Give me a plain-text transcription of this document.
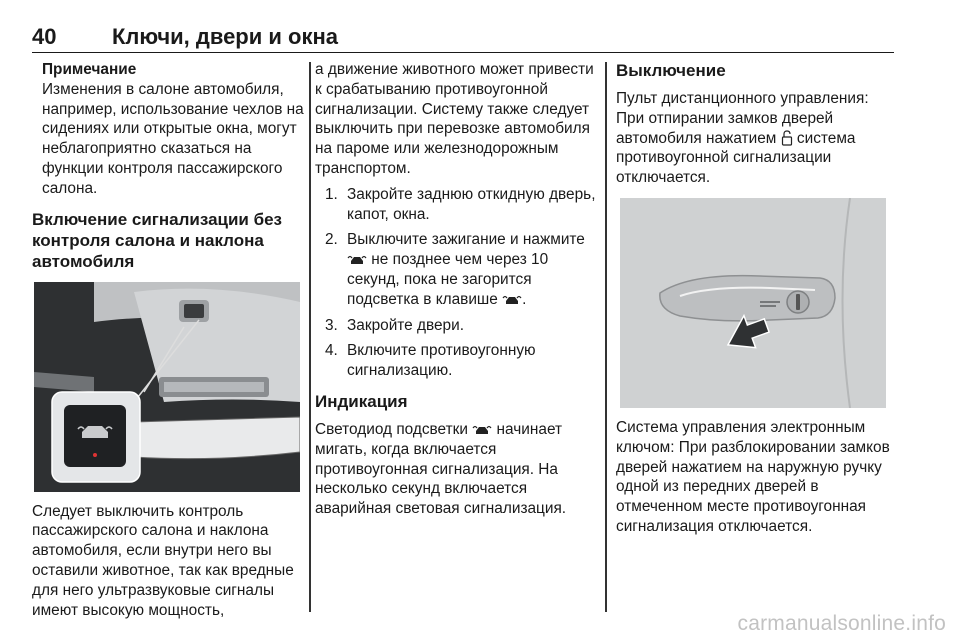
40	Ключи, двери и окна
Примечание

Изменения в салоне автомобиля, например, использование чехлов на сидениях или открытые окна, могут неблагоприятно сказаться на функции контроля пассажирского салона.

Включение сигнализации без контроля салона и наклона автомобиля

Следует выключить контроль пассажирского салона и наклона автомобиля, если внутри него вы оставили животное, так как вредные для него ультразвуковые сигналы имеют высокую мощность,

а движение животного может привести к срабатыванию противоугонной сигнализации. Систему также следует выключить при перевозке автомобиля на пароме или железнодорожным транспортом.

1. Закройте заднюю откидную дверь, капот, окна.
2. Выключите зажигание и нажмите  не позднее чем через 10 секунд, пока не загорится подсветка в клавише .
3. Закройте двери.
4. Включите противоугонную сигнализацию.
Индикация

Светодиод подсветки начинает мигать, когда включается противоугонная сигнализация. На несколько секунд включается аварийная световая сигнализация.

Выключение

Пульт дистанционного управления: При отпирании замков дверей автомобиля нажатием система противоугонной сигнализации отключается.

Система управления электронным ключом: При разблокировании замков дверей нажатием на наружную ручку одной из передних дверей в отмеченном месте противоугонная сигнализация отключается.

carmanualsonline.info
